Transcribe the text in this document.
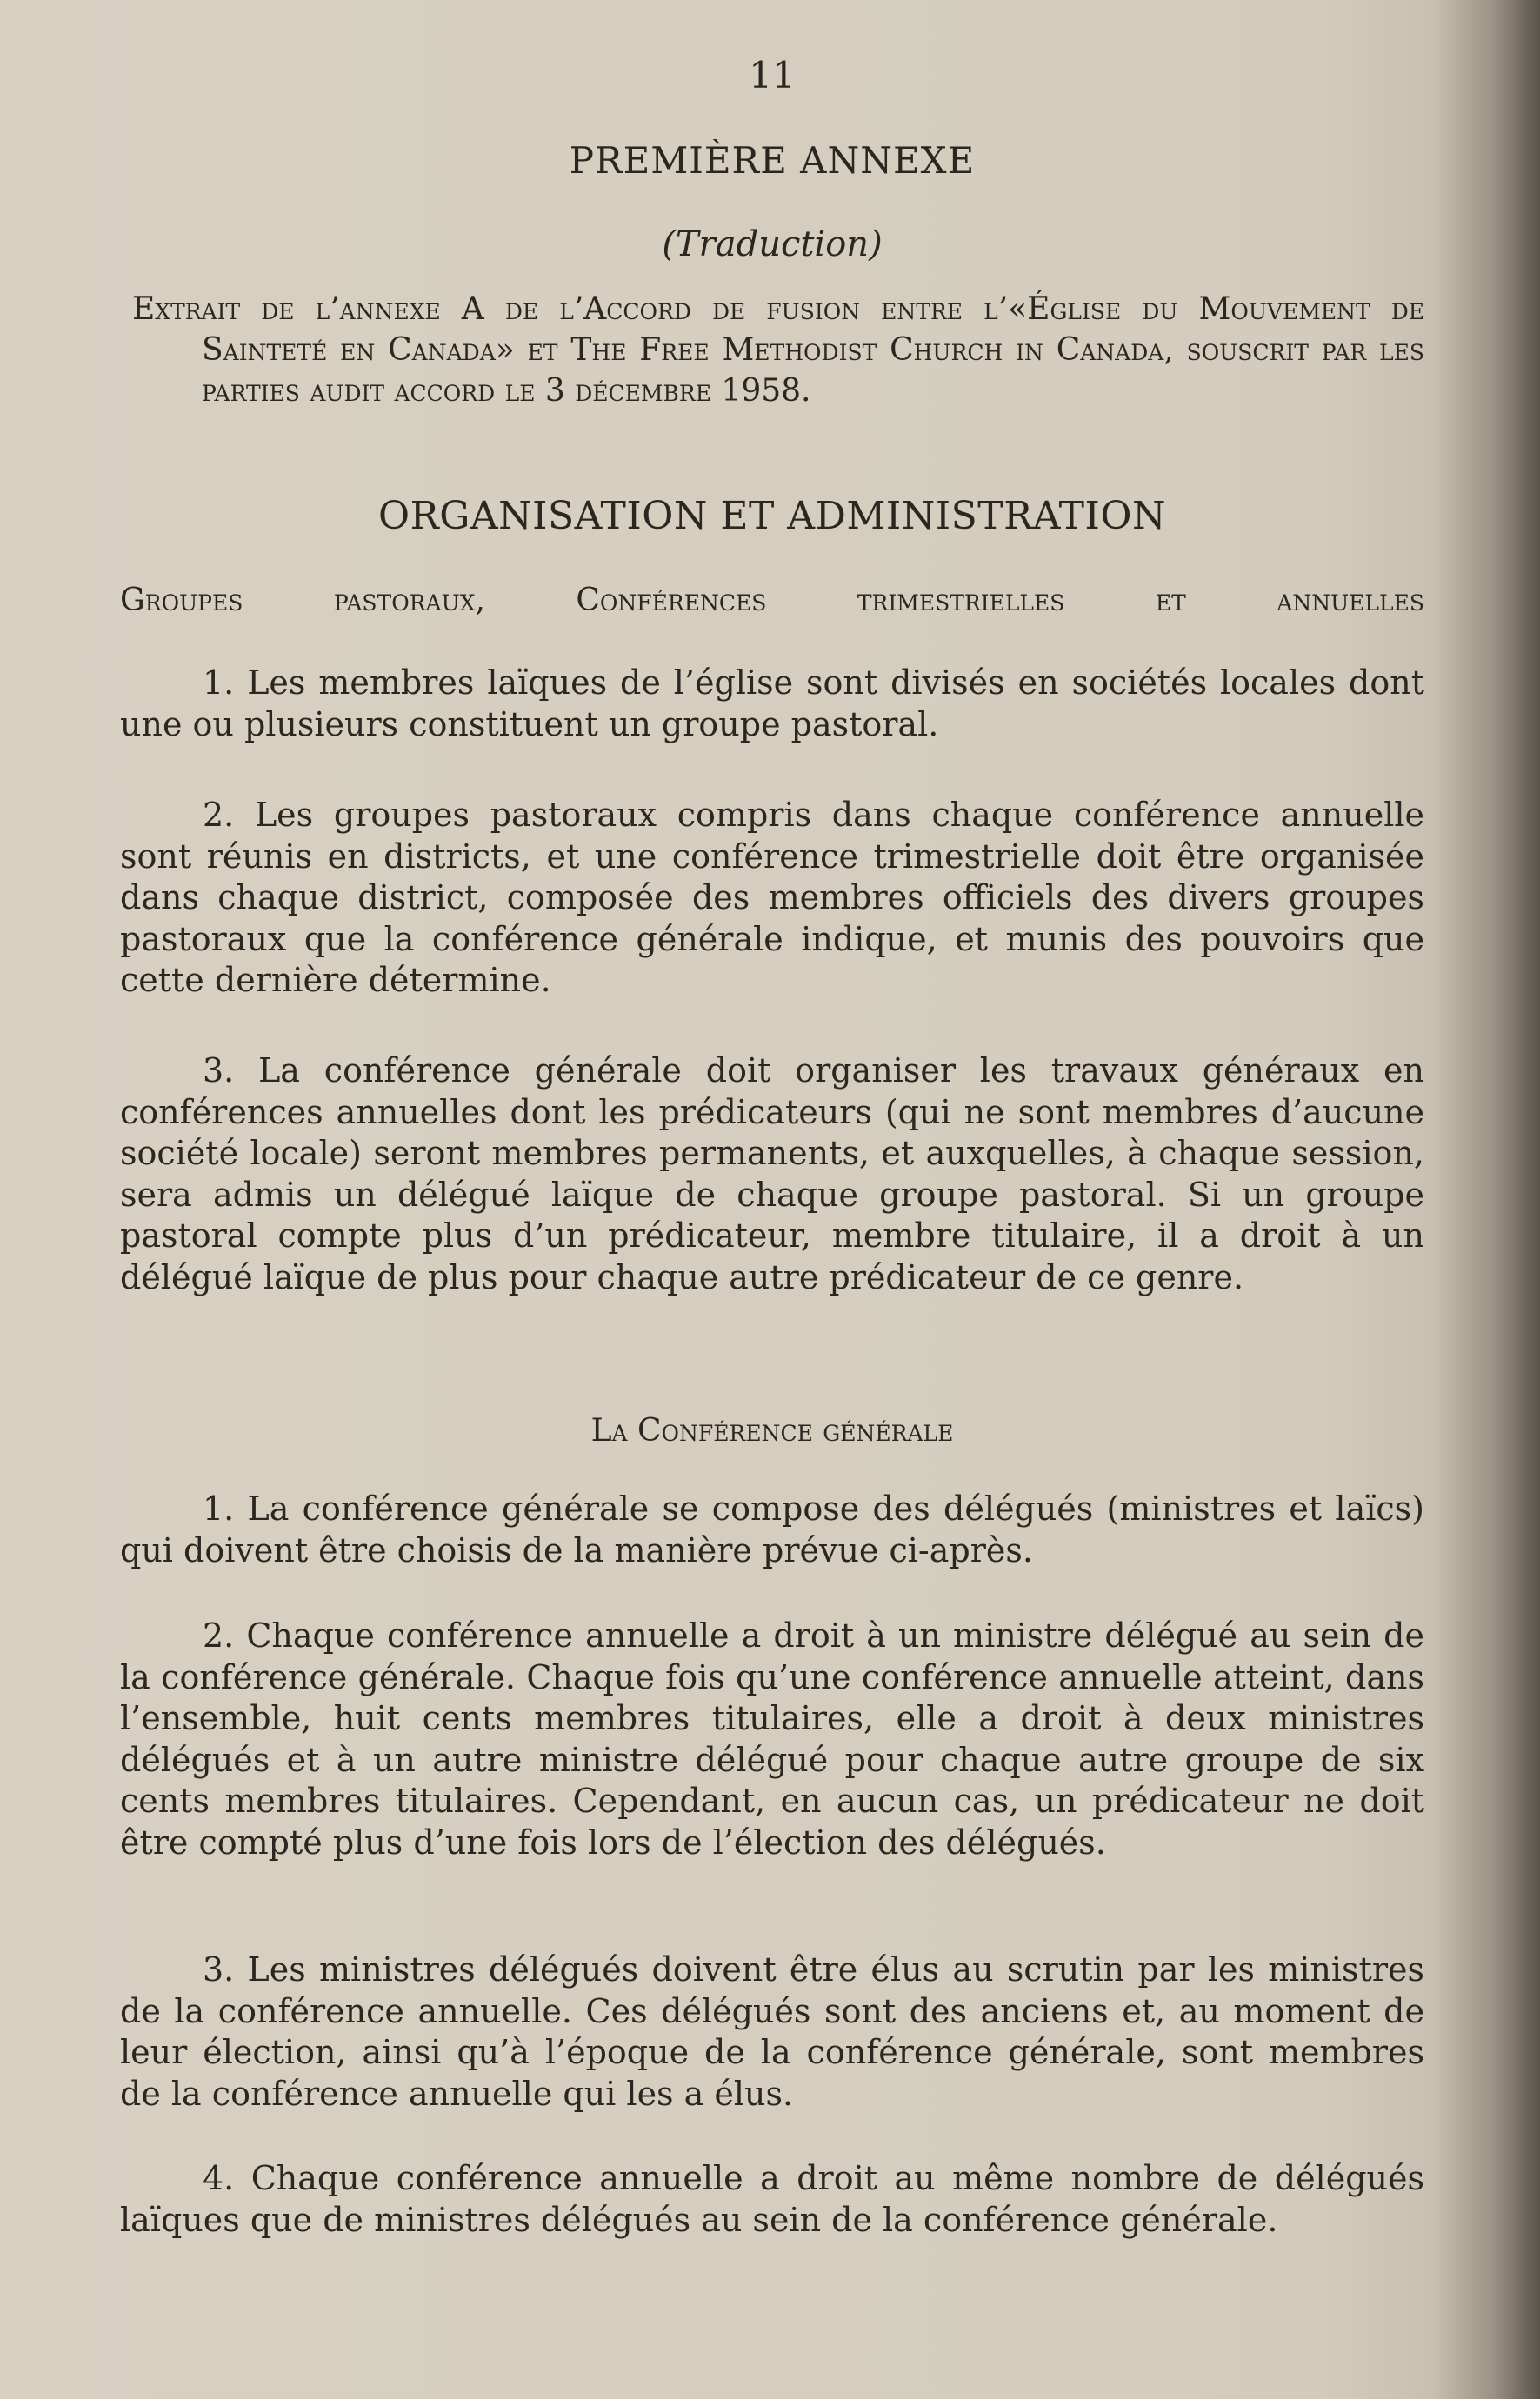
11
PREMIÈRE ANNEXE
(Traduction)
Extrait de l’annexe A de l’Accord de fusion entre l’«Église du Mouvement de Sainteté en Canada» et The Free Methodist Church in Canada, souscrit par les parties audit accord le 3 décembre 1958.
ORGANISATION ET ADMINISTRATION
Groupes pastoraux, Conférences trimestrielles et annuelles

1. Les membres laïques de l’église sont divisés en sociétés locales dont une ou plusieurs constituent un groupe pastoral.

2. Les groupes pastoraux compris dans chaque conférence annuelle sont réunis en districts, et une conférence trimestrielle doit être organisée dans chaque district, composée des membres officiels des divers groupes pastoraux que la conférence générale indique, et munis des pouvoirs que cette dernière détermine.

3. La conférence générale doit organiser les travaux généraux en conférences annuelles dont les prédicateurs (qui ne sont membres d’aucune société locale) seront membres permanents, et auxquelles, à chaque session, sera admis un délégué laïque de chaque groupe pastoral. Si un groupe pastoral compte plus d’un prédicateur, membre titulaire, il a droit à un délégué laïque de plus pour chaque autre prédicateur de ce genre.

La Conférence générale

1. La conférence générale se compose des délégués (ministres et laïcs) qui doivent être choisis de la manière prévue ci-après.

2. Chaque conférence annuelle a droit à un ministre délégué au sein de la conférence générale. Chaque fois qu’une conférence annuelle atteint, dans l’ensemble, huit cents membres titulaires, elle a droit à deux ministres délégués et à un autre ministre délégué pour chaque autre groupe de six cents membres titulaires. Cependant, en aucun cas, un prédicateur ne doit être compté plus d’une fois lors de l’élection des délégués.

3. Les ministres délégués doivent être élus au scrutin par les ministres de la conférence annuelle. Ces délégués sont des anciens et, au moment de leur élection, ainsi qu’à l’époque de la conférence générale, sont membres de la conférence annuelle qui les a élus.

4. Chaque conférence annuelle a droit au même nombre de délégués laïques que de ministres délégués au sein de la conférence générale.
